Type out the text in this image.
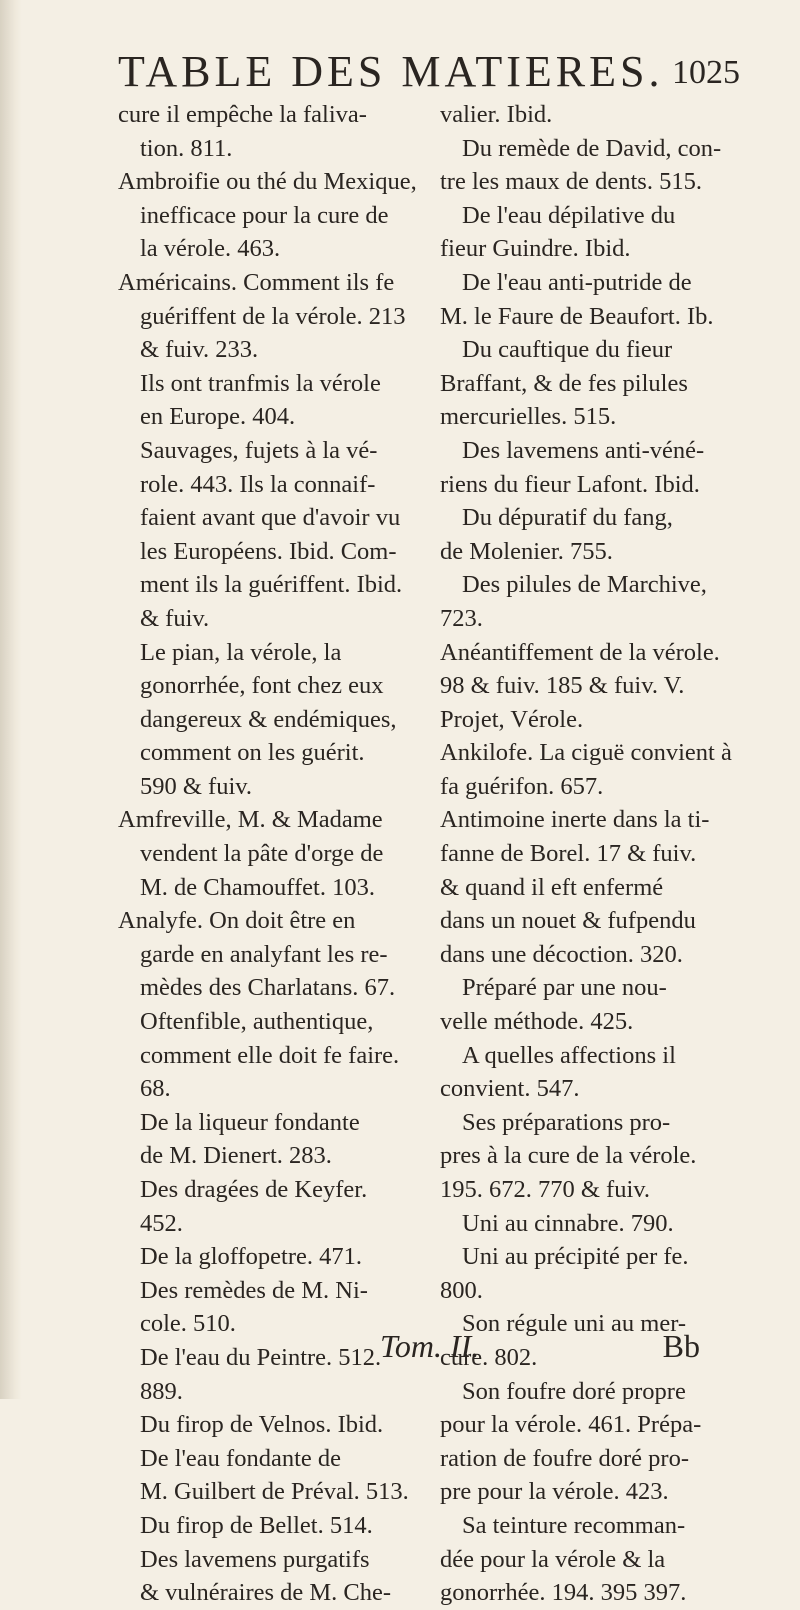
TABLE DES MATIERES. 1025
cure il empêche la faliva-
tion. 811.
Ambroifie ou thé du Mexique,
inefficace pour la cure de
la vérole. 463.
Américains. Comment ils fe
guériffent de la vérole. 213
& fuiv. 233.
Ils ont tranfmis la vérole
en Europe. 404.
Sauvages, fujets à la vé-
role. 443. Ils la connaif-
faient avant que d'avoir vu
les Européens. Ibid. Com-
ment ils la guériffent. Ibid.
& fuiv.
Le pian, la vérole, la
gonorrhée, font chez eux
dangereux & endémiques,
comment on les guérit.
590 & fuiv.
Amfreville, M. & Madame
vendent la pâte d'orge de
M. de Chamouffet. 103.
Analyfe. On doit être en
garde en analyfant les re-
mèdes des Charlatans. 67.
Oftenfible, authentique,
comment elle doit fe faire.
68.
De la liqueur fondante
de M. Dienert. 283.
Des dragées de Keyfer.
452.
De la gloffopetre. 471.
Des remèdes de M. Ni-
cole. 510.
De l'eau du Peintre. 512.
889.
Du firop de Velnos. Ibid.
De l'eau fondante de
M. Guilbert de Préval. 513.
Du firop de Bellet. 514.
Des lavemens purgatifs
& vulnéraires de M. Che-
valier. Ibid.
Du remède de David, con-
tre les maux de dents. 515.
De l'eau dépilative du
fieur Guindre. Ibid.
De l'eau anti-putride de
M. le Faure de Beaufort. Ib.
Du cauftique du fieur
Braffant, & de fes pilules
mercurielles. 515.
Des lavemens anti-véné-
riens du fieur Lafont. Ibid.
Du dépuratif du fang,
de Molenier. 755.
Des pilules de Marchive,
723.
Anéantiffement de la vérole.
98 & fuiv. 185 & fuiv. V.
Projet, Vérole.
Ankilofe. La ciguë convient à
fa guérifon. 657.
Antimoine inerte dans la ti-
fanne de Borel. 17 & fuiv.
& quand il eft enfermé
dans un nouet & fufpendu
dans une décoction. 320.
Préparé par une nou-
velle méthode. 425.
A quelles affections il
convient. 547.
Ses préparations pro-
pres à la cure de la vérole.
195. 672. 770 & fuiv.
Uni au cinnabre. 790.
Uni au précipité per fe.
800.
Son régule uni au mer-
cure. 802.
Son foufre doré propre
pour la vérole. 461. Prépa-
ration de foufre doré pro-
pre pour la vérole. 423.
Sa teinture recomman-
dée pour la vérole & la
gonorrhée. 194. 395 397.
Tom. II.	Bb
